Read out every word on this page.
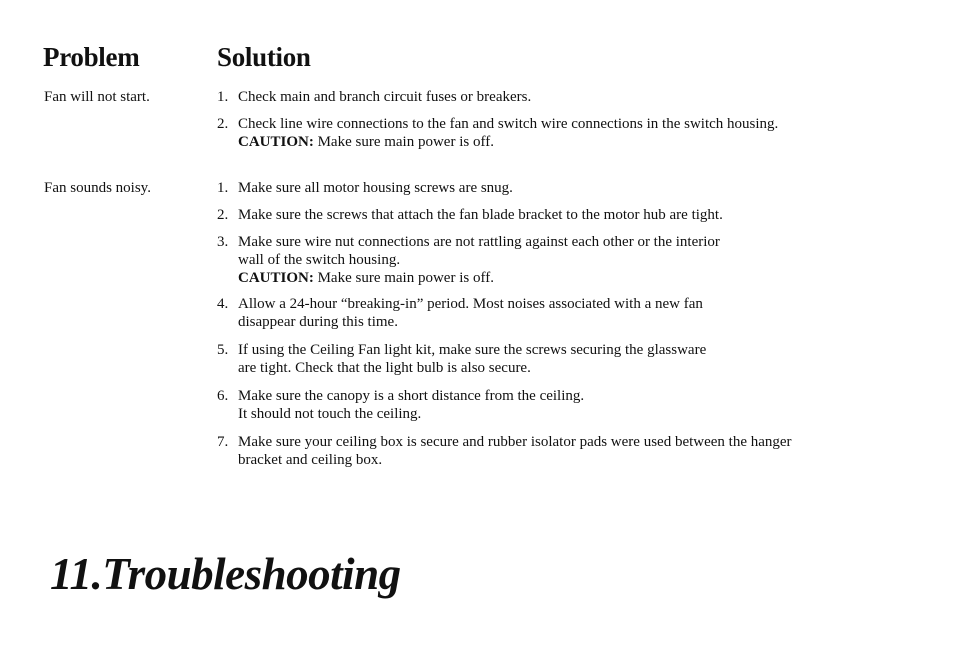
Problem	Solution
Fan will not start.	1. Check main and branch circuit fuses or breakers.
2. Check line wire connections to the fan and switch wire connections in the switch housing.
CAUTION: Make sure main power is off.
Fan sounds noisy.	1. Make sure all motor housing screws are snug.
2. Make sure the screws that attach the fan blade bracket to the motor hub are tight.
3. Make sure wire nut connections are not rattling against each other or the interior
wall of the switch housing.
CAUTION: Make sure main power is off.
4. Allow a 24-hour “breaking-in” period. Most noises associated with a new fan
disappear during this time.
5. If using the Ceiling Fan light kit, make sure the screws securing the glassware
are tight. Check that the light bulb is also secure.
6. Make sure the canopy is a short distance from the ceiling.
It should not touch the ceiling.
7. Make sure your ceiling box is secure and rubber isolator pads were used between the hanger
bracket and ceiling box.
11.Troubleshooting
